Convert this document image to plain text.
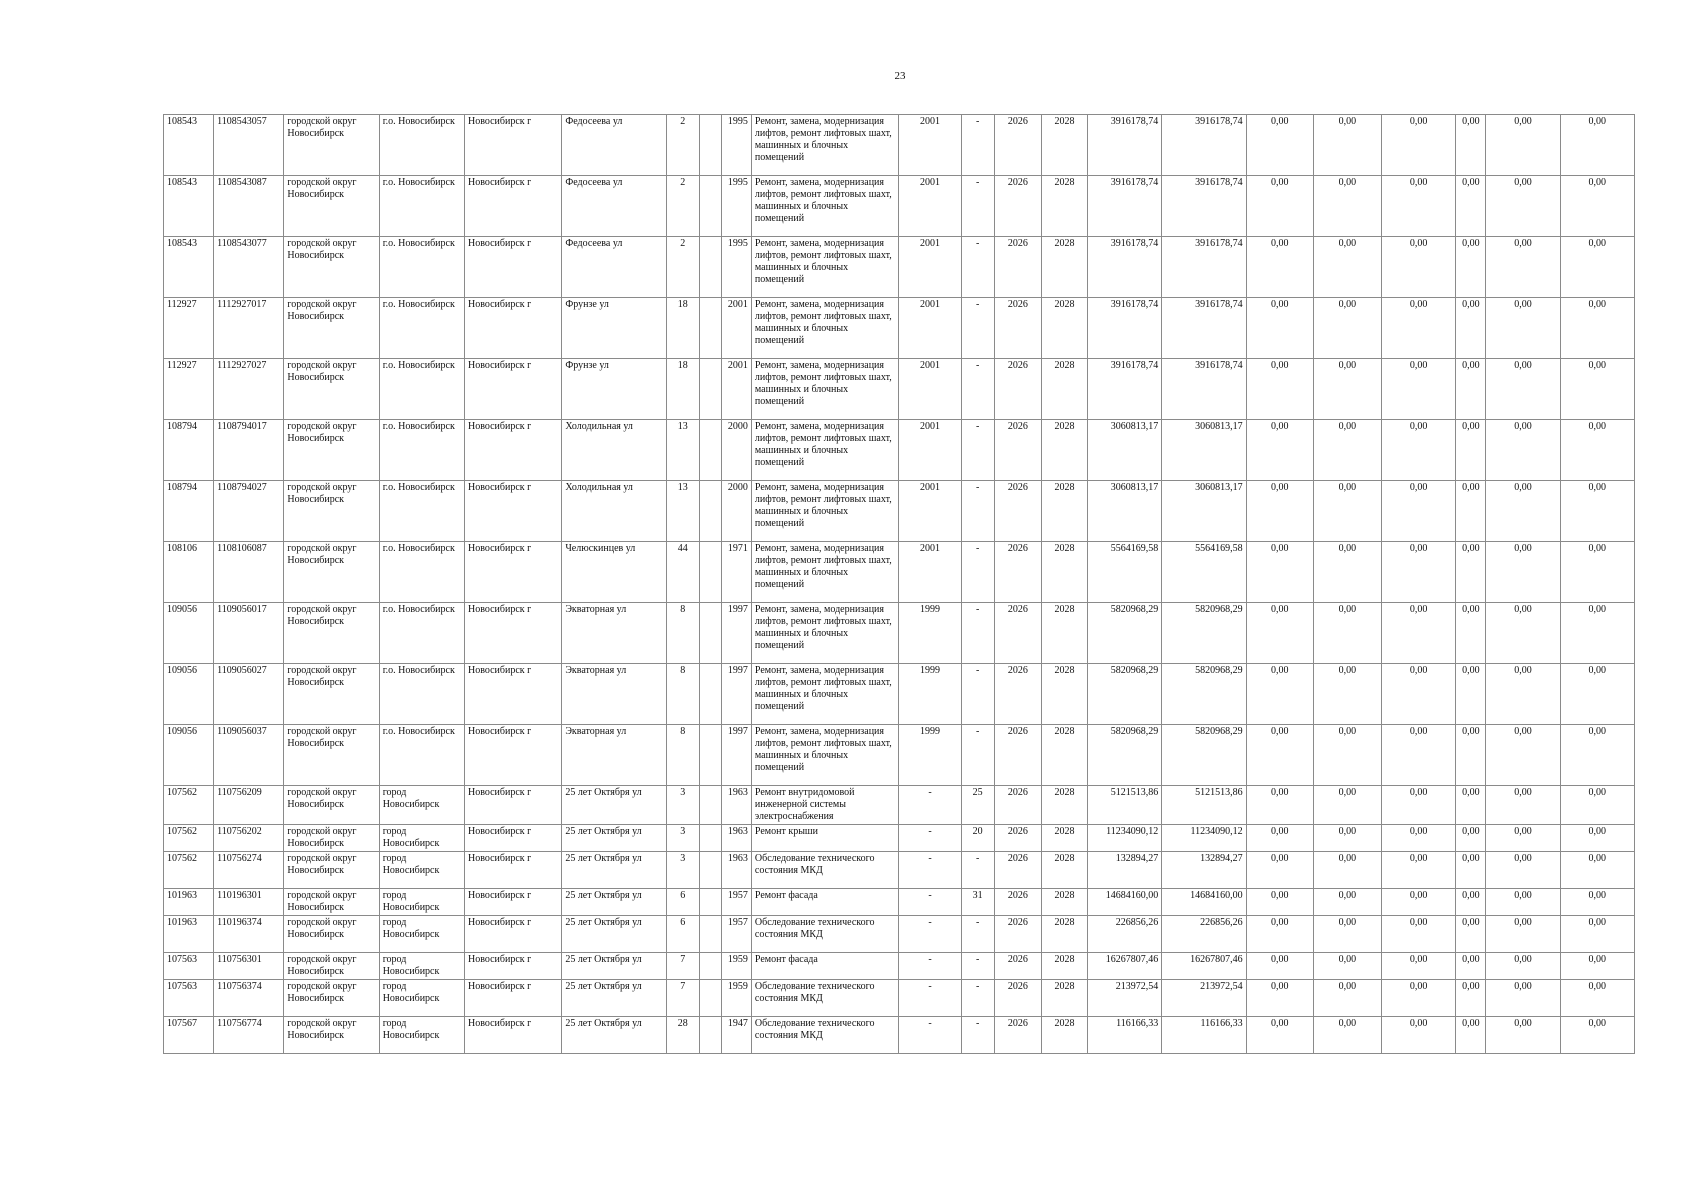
23
108543	1108543057	городской округ Новосибирск	г.о. Новосибирск	Новосибирск г	Федосеева ул	2		1995	Ремонт, замена, модернизация лифтов, ремонт лифтовых шахт, машинных и блочных помещений	2001	-	2026	2028	3916178,74	3916178,74	0,00	0,00	0,00	0,00	0,00	0,00
108543	1108543087	городской округ Новосибирск	г.о. Новосибирск	Новосибирск г	Федосеева ул	2		1995	Ремонт, замена, модернизация лифтов, ремонт лифтовых шахт, машинных и блочных помещений	2001	-	2026	2028	3916178,74	3916178,74	0,00	0,00	0,00	0,00	0,00	0,00
108543	1108543077	городской округ Новосибирск	г.о. Новосибирск	Новосибирск г	Федосеева ул	2		1995	Ремонт, замена, модернизация лифтов, ремонт лифтовых шахт, машинных и блочных помещений	2001	-	2026	2028	3916178,74	3916178,74	0,00	0,00	0,00	0,00	0,00	0,00
112927	1112927017	городской округ Новосибирск	г.о. Новосибирск	Новосибирск г	Фрунзе ул	18		2001	Ремонт, замена, модернизация лифтов, ремонт лифтовых шахт, машинных и блочных помещений	2001	-	2026	2028	3916178,74	3916178,74	0,00	0,00	0,00	0,00	0,00	0,00
112927	1112927027	городской округ Новосибирск	г.о. Новосибирск	Новосибирск г	Фрунзе ул	18		2001	Ремонт, замена, модернизация лифтов, ремонт лифтовых шахт, машинных и блочных помещений	2001	-	2026	2028	3916178,74	3916178,74	0,00	0,00	0,00	0,00	0,00	0,00
108794	1108794017	городской округ Новосибирск	г.о. Новосибирск	Новосибирск г	Холодильная ул	13		2000	Ремонт, замена, модернизация лифтов, ремонт лифтовых шахт, машинных и блочных помещений	2001	-	2026	2028	3060813,17	3060813,17	0,00	0,00	0,00	0,00	0,00	0,00
108794	1108794027	городской округ Новосибирск	г.о. Новосибирск	Новосибирск г	Холодильная ул	13		2000	Ремонт, замена, модернизация лифтов, ремонт лифтовых шахт, машинных и блочных помещений	2001	-	2026	2028	3060813,17	3060813,17	0,00	0,00	0,00	0,00	0,00	0,00
108106	1108106087	городской округ Новосибирск	г.о. Новосибирск	Новосибирск г	Челюскинцев ул	44		1971	Ремонт, замена, модернизация лифтов, ремонт лифтовых шахт, машинных и блочных помещений	2001	-	2026	2028	5564169,58	5564169,58	0,00	0,00	0,00	0,00	0,00	0,00
109056	1109056017	городской округ Новосибирск	г.о. Новосибирск	Новосибирск г	Экваторная ул	8		1997	Ремонт, замена, модернизация лифтов, ремонт лифтовых шахт, машинных и блочных помещений	1999	-	2026	2028	5820968,29	5820968,29	0,00	0,00	0,00	0,00	0,00	0,00
109056	1109056027	городской округ Новосибирск	г.о. Новосибирск	Новосибирск г	Экваторная ул	8		1997	Ремонт, замена, модернизация лифтов, ремонт лифтовых шахт, машинных и блочных помещений	1999	-	2026	2028	5820968,29	5820968,29	0,00	0,00	0,00	0,00	0,00	0,00
109056	1109056037	городской округ Новосибирск	г.о. Новосибирск	Новосибирск г	Экваторная ул	8		1997	Ремонт, замена, модернизация лифтов, ремонт лифтовых шахт, машинных и блочных помещений	1999	-	2026	2028	5820968,29	5820968,29	0,00	0,00	0,00	0,00	0,00	0,00
107562	110756209	городской округ Новосибирск	город Новосибирск	Новосибирск г	25 лет Октября ул	3		1963	Ремонт внутридомовой инженерной системы электроснабжения	-	25	2026	2028	5121513,86	5121513,86	0,00	0,00	0,00	0,00	0,00	0,00
107562	110756202	городской округ Новосибирск	город Новосибирск	Новосибирск г	25 лет Октября ул	3		1963	Ремонт крыши	-	20	2026	2028	11234090,12	11234090,12	0,00	0,00	0,00	0,00	0,00	0,00
107562	110756274	городской округ Новосибирск	город Новосибирск	Новосибирск г	25 лет Октября ул	3		1963	Обследование технического состояния МКД	-	-	2026	2028	132894,27	132894,27	0,00	0,00	0,00	0,00	0,00	0,00
101963	110196301	городской округ Новосибирск	город Новосибирск	Новосибирск г	25 лет Октября ул	6		1957	Ремонт фасада	-	31	2026	2028	14684160,00	14684160,00	0,00	0,00	0,00	0,00	0,00	0,00
101963	110196374	городской округ Новосибирск	город Новосибирск	Новосибирск г	25 лет Октября ул	6		1957	Обследование технического состояния МКД	-	-	2026	2028	226856,26	226856,26	0,00	0,00	0,00	0,00	0,00	0,00
107563	110756301	городской округ Новосибирск	город Новосибирск	Новосибирск г	25 лет Октября ул	7		1959	Ремонт фасада	-	-	2026	2028	16267807,46	16267807,46	0,00	0,00	0,00	0,00	0,00	0,00
107563	110756374	городской округ Новосибирск	город Новосибирск	Новосибирск г	25 лет Октября ул	7		1959	Обследование технического состояния МКД	-	-	2026	2028	213972,54	213972,54	0,00	0,00	0,00	0,00	0,00	0,00
107567	110756774	городской округ Новосибирск	город Новосибирск	Новосибирск г	25 лет Октября ул	28		1947	Обследование технического состояния МКД	-	-	2026	2028	116166,33	116166,33	0,00	0,00	0,00	0,00	0,00	0,00
